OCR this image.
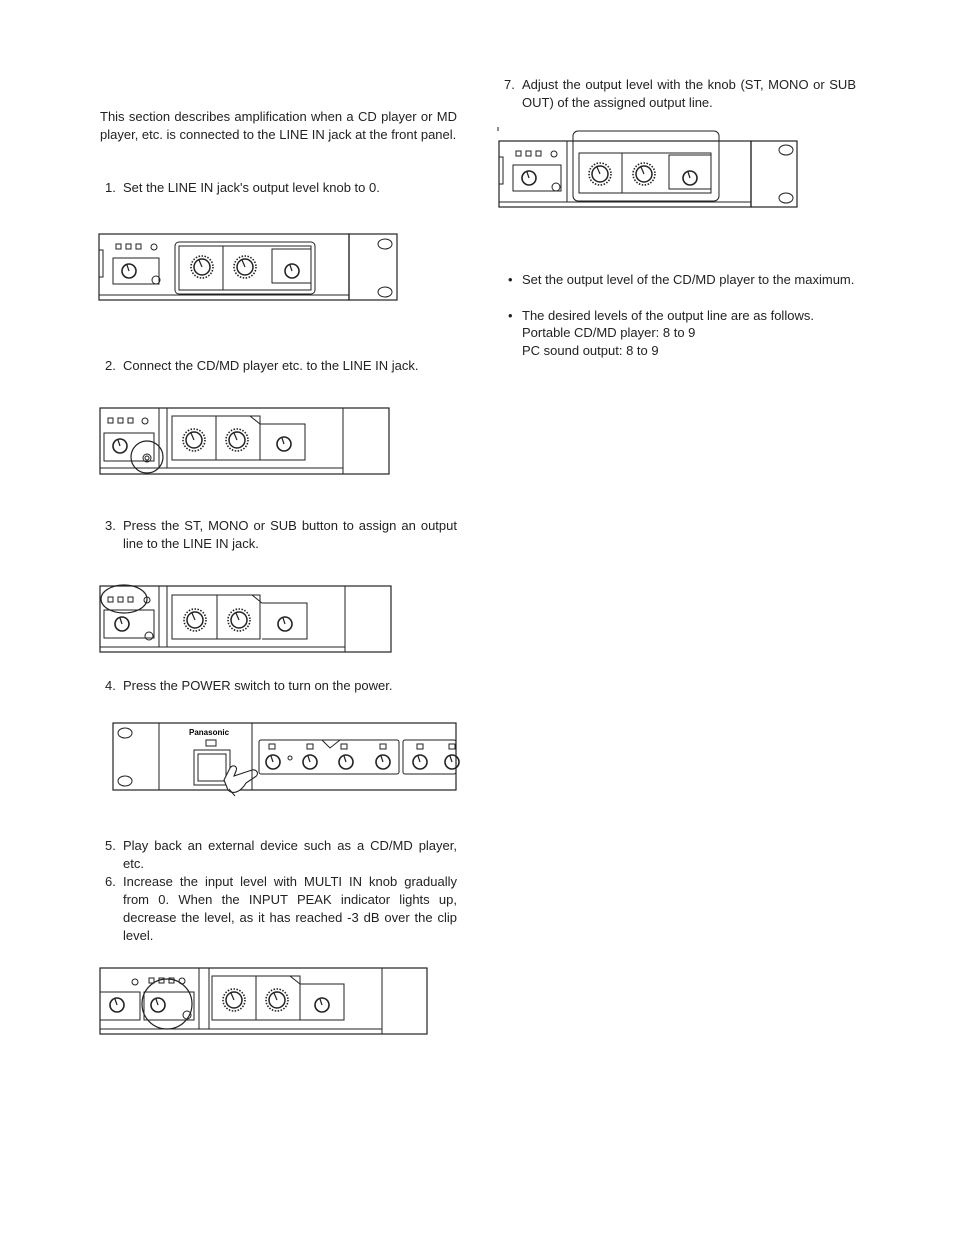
This section describes amplification when a CD player or MD player, etc. is connected to the LINE IN jack at the front panel.
1. Set the LINE IN jack's output level knob to 0.
2. Connect the CD/MD player etc. to the LINE IN jack.
3. Press the ST, MONO or SUB button to assign an output line to the LINE IN jack.
4. Press the POWER switch to turn on the power.
Panasonic
5. Play back an external device such as a CD/MD player, etc.
6. Increase the input level with MULTI IN knob gradually from 0. When the INPUT PEAK indicator lights up, decrease the level, as it has reached -3 dB over the clip level.
7. Adjust the output level with the knob (ST, MONO or SUB OUT) of the assigned output line.
• Set the output level of the CD/MD player to the maximum.
• The desired levels of the output line are as follows.
Portable CD/MD player: 8 to 9
PC sound output: 8 to 9
